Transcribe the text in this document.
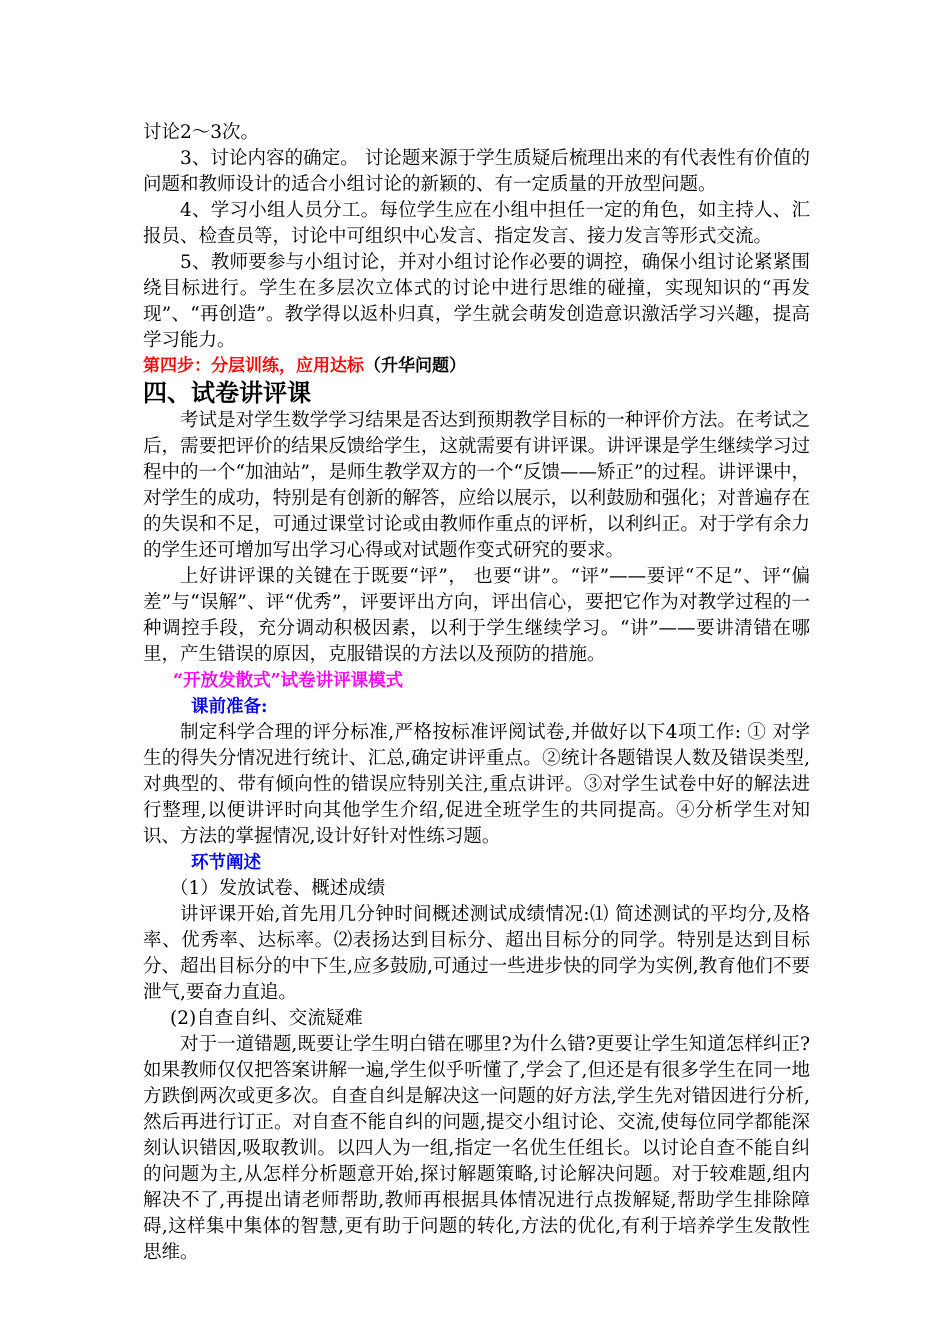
讨论2～3次。

3、讨论内容的确定。 讨论题来源于学生质疑后梳理出来的有代表性有价值的问题和教师设计的适合小组讨论的新颖的、有一定质量的开放型问题。

4、学习小组人员分工。每位学生应在小组中担任一定的角色，如主持人、汇报员、检查员等，讨论中可组织中心发言、指定发言、接力发言等形式交流。

5、教师要参与小组讨论，并对小组讨论作必要的调控，确保小组讨论紧紧围绕目标进行。学生在多层次立体式的讨论中进行思维的碰撞，实现知识的“再发现”、“再创造”。教学得以返朴归真，学生就会萌发创造意识激活学习兴趣，提高学习能力。

第四步：分层训练，应用达标（升华问题）

四、试卷讲评课

考试是对学生数学学习结果是否达到预期教学目标的一种评价方法。在考试之后，需要把评价的结果反馈给学生，这就需要有讲评课。讲评课是学生继续学习过程中的一个“加油站”，是师生教学双方的一个“反馈——矫正”的过程。讲评课中，对学生的成功，特别是有创新的解答，应给以展示，以利鼓励和强化；对普遍存在的失误和不足，可通过课堂讨论或由教师作重点的评析，以利纠正。对于学有余力的学生还可增加写出学习心得或对试题作变式研究的要求。

上好讲评课的关键在于既要“评”， 也要“讲”。“评”——要评“不足”、评“偏差”与“误解”、评“优秀”，评要评出方向，评出信心，要把它作为对教学过程的一种调控手段，充分调动积极因素，以利于学生继续学习。“讲”——要讲清错在哪里，产生错误的原因，克服错误的方法以及预防的措施。

“开放发散式”试卷讲评课模式

课前准备:

制定科学合理的评分标准,严格按标准评阅试卷,并做好以下4项工作: ① 对学生的得失分情况进行统计、汇总,确定讲评重点。②统计各题错误人数及错误类型,对典型的、带有倾向性的错误应特别关注,重点讲评。③对学生试卷中好的解法进行整理,以便讲评时向其他学生介绍,促进全班学生的共同提高。④分析学生对知识、方法的掌握情况,设计好针对性练习题。

环节阐述

（1）发放试卷、概述成绩

讲评课开始,首先用几分钟时间概述测试成绩情况:⑴ 简述测试的平均分,及格率、优秀率、达标率。⑵表扬达到目标分、超出目标分的同学。特别是达到目标分、超出目标分的中下生,应多鼓励,可通过一些进步快的同学为实例,教育他们不要泄气,要奋力直追。

(2)自查自纠、交流疑难

对于一道错题,既要让学生明白错在哪里?为什么错?更要让学生知道怎样纠正?如果教师仅仅把答案讲解一遍,学生似乎听懂了,学会了,但还是有很多学生在同一地方跌倒两次或更多次。自查自纠是解决这一问题的好方法,学生先对错因进行分析,然后再进行订正。对自查不能自纠的问题,提交小组讨论、交流,使每位同学都能深刻认识错因,吸取教训。以四人为一组,指定一名优生任组长。以讨论自查不能自纠的问题为主,从怎样分析题意开始,探讨解题策略,讨论解决问题。对于较难题,组内解决不了,再提出请老师帮助,教师再根据具体情况进行点拨解疑,帮助学生排除障碍,这样集中集体的智慧,更有助于问题的转化,方法的优化,有利于培养学生发散性思维。
